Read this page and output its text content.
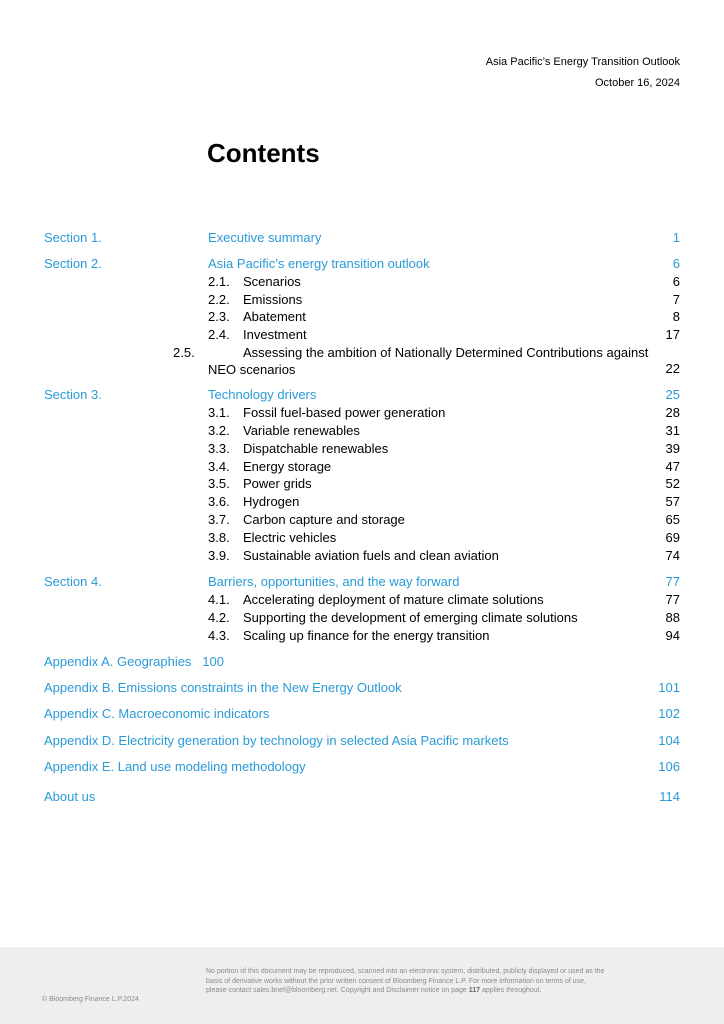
Asia Pacific’s Energy Transition Outlook
October 16, 2024
Contents
Section 1.	Executive summary	1
Section 2.	Asia Pacific’s energy transition outlook	6
2.1. Scenarios	6
2.2. Emissions	7
2.3. Abatement	8
2.4. Investment	17
2.5.	Assessing the ambition of Nationally Determined Contributions against NEO scenarios	22
Section 3.	Technology drivers	25
3.1. Fossil fuel-based power generation	28
3.2. Variable renewables	31
3.3. Dispatchable renewables	39
3.4. Energy storage	47
3.5. Power grids	52
3.6. Hydrogen	57
3.7. Carbon capture and storage	65
3.8. Electric vehicles	69
3.9. Sustainable aviation fuels and clean aviation	74
Section 4.	Barriers, opportunities, and the way forward	77
4.1. Accelerating deployment of mature climate solutions	77
4.2. Supporting the development of emerging climate solutions	88
4.3. Scaling up finance for the energy transition	94
Appendix A. Geographies 100
Appendix B. Emissions constraints in the New Energy Outlook	101
Appendix C. Macroeconomic indicators	102
Appendix D. Electricity generation by technology in selected Asia Pacific markets	104
Appendix E. Land use modeling methodology	106
About us	114
© Bloomberg Finance L.P.2024
No portion of this document may be reproduced, scanned into an electronic system, distributed, publicly displayed or used as the basis of derivative works without the prior written consent of Bloomberg Finance L.P. For more information on terms of use, please contact sales.bnef@bloomberg.net. Copyright and Disclaimer notice on page 117 applies throughout.
